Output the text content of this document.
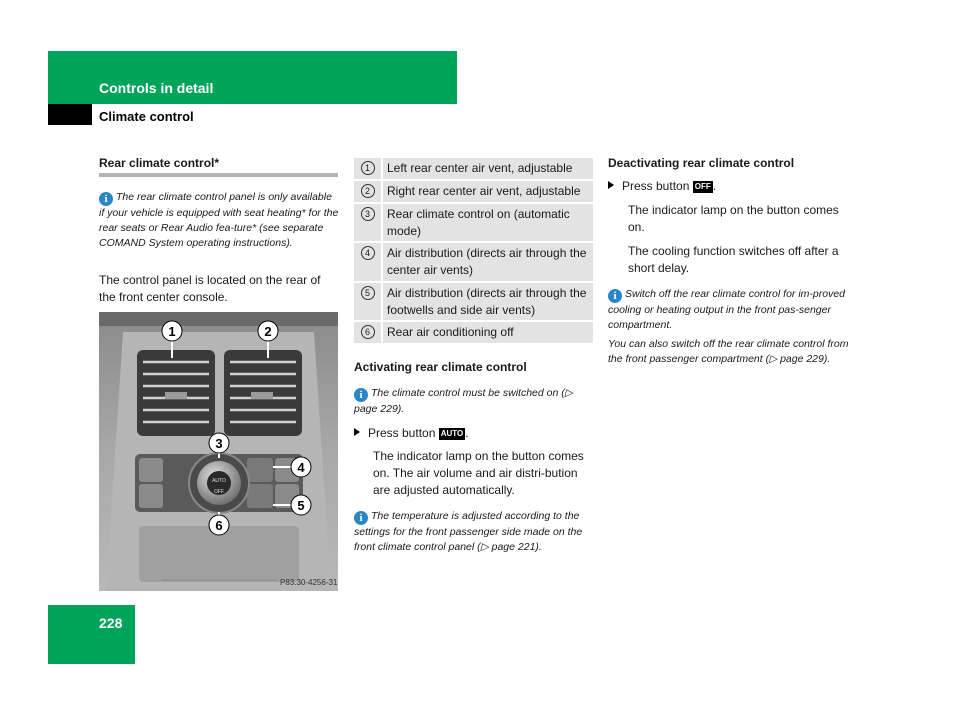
Controls in detail
Climate control
Rear climate control*
i The rear climate control panel is only available if your vehicle is equipped with seat heating* for the rear seats or Rear Audio fea-ture* (see separate COMAND System operating instructions).
The control panel is located on the rear of the front center console.
AUTO
OFF
1	2
3
4
5
6
P83.30-4256-31
1	Left rear center air vent, adjustable
2	Right rear center air vent, adjustable
3	Rear climate control on (automatic mode)
4	Air distribution (directs air through the center air vents)
5	Air distribution (directs air through the footwells and side air vents)
6	Rear air conditioning off
Activating rear climate control
i The climate control must be switched on (▷ page 229).
Press button AUTO .
The indicator lamp on the button comes on. The air volume and air distri-bution are adjusted automatically.
i The temperature is adjusted according to the settings for the front passenger side made on the front climate control panel (▷ page 221).
Deactivating rear climate control
Press button OFF .
The indicator lamp on the button comes on.
The cooling function switches off after a short delay.
i Switch off the rear climate control for im-proved cooling or heating output in the front pas-senger compartment.
You can also switch off the rear climate control from the front passenger compartment (▷ page 229).
228
